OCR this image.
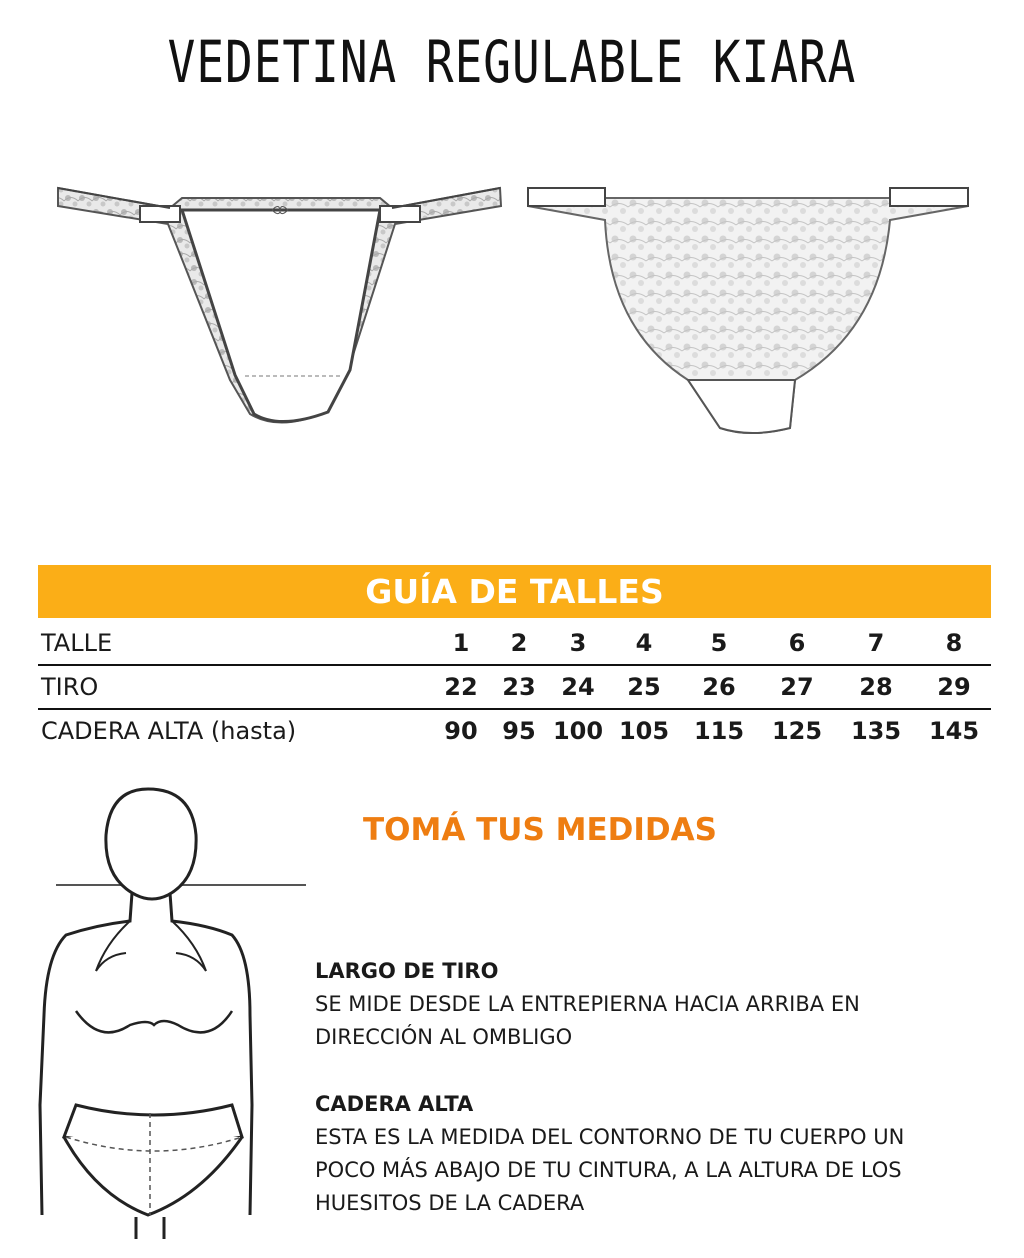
VEDETINA REGULABLE KIARA
GUÍA DE TALLES
TALLE	1	2	3	4	5	6	7	8
TIRO	22	23	24	25	26	27	28	29
CADERA ALTA (hasta)	90	95	100	105	115	125	135	145
TOMÁ TUS MEDIDAS
LARGO DE TIRO
SE MIDE DESDE LA ENTREPIERNA HACIA ARRIBA EN
DIRECCIÓN AL OMBLIGO
CADERA ALTA
ESTA ES LA MEDIDA DEL CONTORNO DE TU CUERPO UN
POCO MÁS ABAJO DE TU CINTURA, A LA ALTURA DE LOS
HUESITOS DE LA CADERA
